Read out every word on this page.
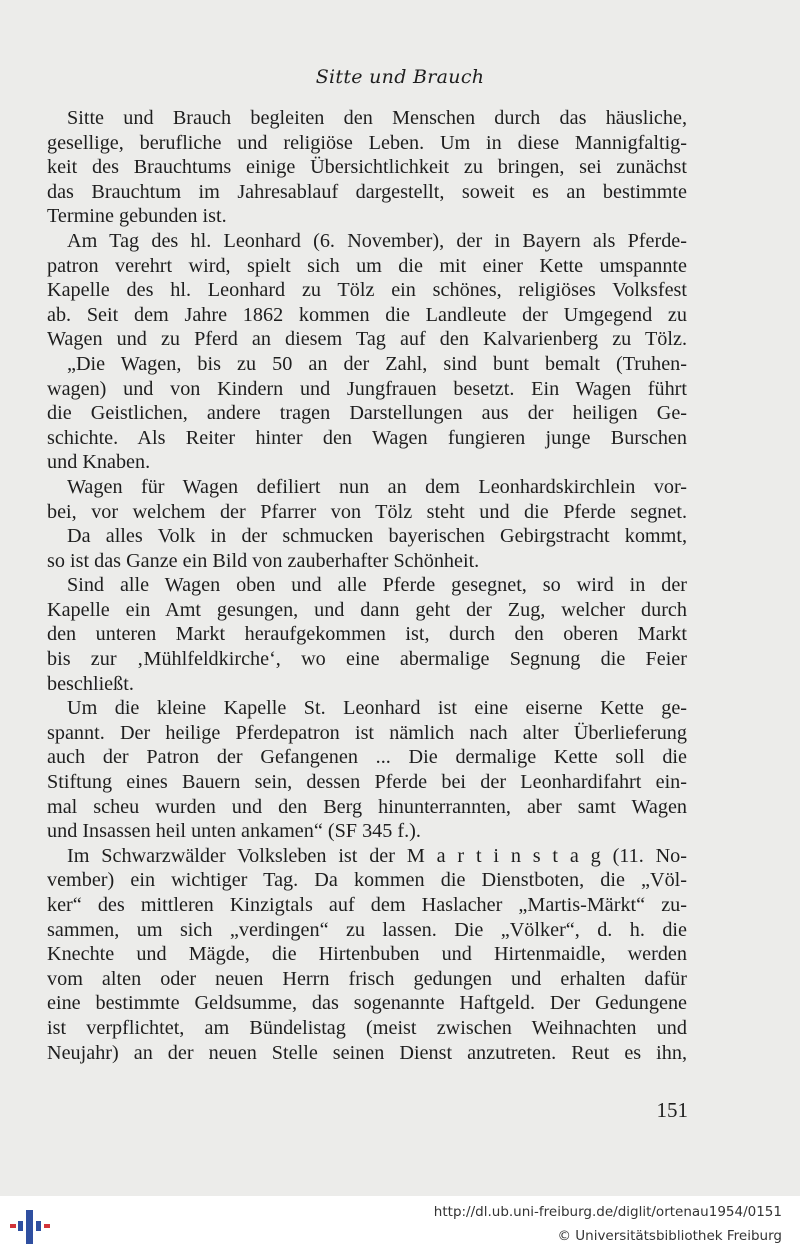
Sitte und Brauch
Sitte und Brauch begleiten den Menschen durch das häusliche,
gesellige, berufliche und religiöse Leben. Um in diese Mannigfaltig-
keit des Brauchtums einige Übersichtlichkeit zu bringen, sei zunächst
das Brauchtum im Jahresablauf dargestellt, soweit es an bestimmte
Termine gebunden ist.
Am Tag des hl. Leonhard (6. November), der in Bayern als Pferde-
patron verehrt wird, spielt sich um die mit einer Kette umspannte
Kapelle des hl. Leonhard zu Tölz ein schönes, religiöses Volksfest
ab. Seit dem Jahre 1862 kommen die Landleute der Umgegend zu
Wagen und zu Pferd an diesem Tag auf den Kalvarienberg zu Tölz.
„Die Wagen, bis zu 50 an der Zahl, sind bunt bemalt (Truhen-
wagen) und von Kindern und Jungfrauen besetzt. Ein Wagen führt
die Geistlichen, andere tragen Darstellungen aus der heiligen Ge-
schichte. Als Reiter hinter den Wagen fungieren junge Burschen
und Knaben.
Wagen für Wagen defiliert nun an dem Leonhardskirchlein vor-
bei, vor welchem der Pfarrer von Tölz steht und die Pferde segnet.
Da alles Volk in der schmucken bayerischen Gebirgstracht kommt,
so ist das Ganze ein Bild von zauberhafter Schönheit.
Sind alle Wagen oben und alle Pferde gesegnet, so wird in der
Kapelle ein Amt gesungen, und dann geht der Zug, welcher durch
den unteren Markt heraufgekommen ist, durch den oberen Markt
bis zur ‚Mühlfeldkirche‘, wo eine abermalige Segnung die Feier
beschließt.
Um die kleine Kapelle St. Leonhard ist eine eiserne Kette ge-
spannt. Der heilige Pferdepatron ist nämlich nach alter Überlieferung
auch der Patron der Gefangenen ... Die dermalige Kette soll die
Stiftung eines Bauern sein, dessen Pferde bei der Leonhardifahrt ein-
mal scheu wurden und den Berg hinunterrannten, aber samt Wagen
und Insassen heil unten ankamen“ (SF 345 f.).
Im Schwarzwälder Volksleben ist der M a r t i n s t a g (11. No-
vember) ein wichtiger Tag. Da kommen die Dienstboten, die „Völ-
ker“ des mittleren Kinzigtals auf dem Haslacher „Martis-Märkt“ zu-
sammen, um sich „verdingen“ zu lassen. Die „Völker“, d. h. die
Knechte und Mägde, die Hirtenbuben und Hirtenmaidle, werden
vom alten oder neuen Herrn frisch gedungen und erhalten dafür
eine bestimmte Geldsumme, das sogenannte Haftgeld. Der Gedungene
ist verpflichtet, am Bündelistag (meist zwischen Weihnachten und
Neujahr) an der neuen Stelle seinen Dienst anzutreten. Reut es ihn,
151
http://dl.ub.uni-freiburg.de/diglit/ortenau1954/0151
© Universitätsbibliothek Freiburg
